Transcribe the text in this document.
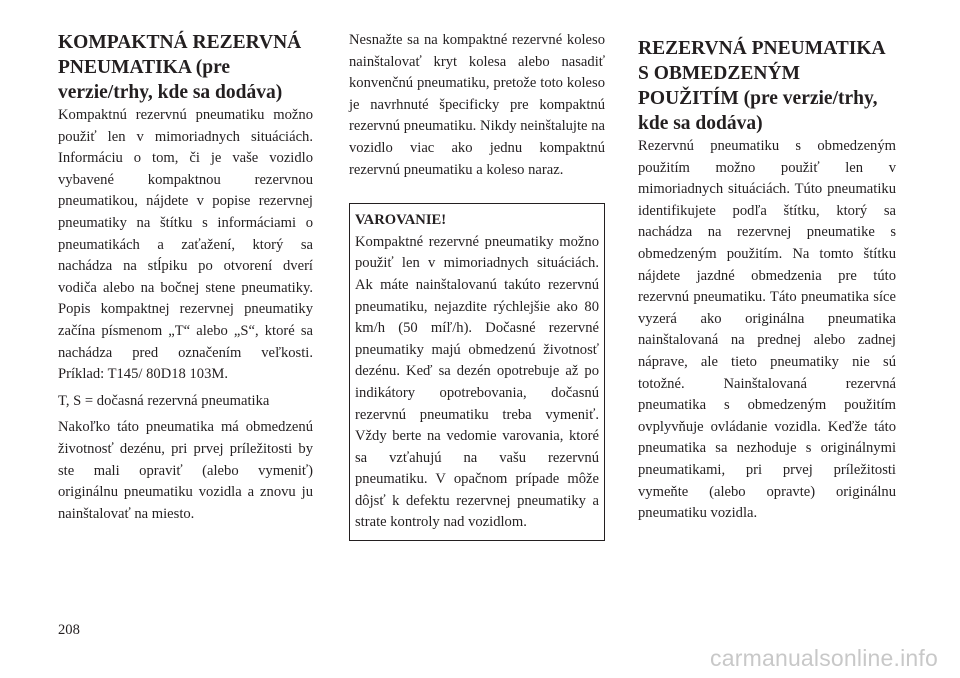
KOMPAKTNÁ REZERVNÁ PNEUMATIKA (pre verzie/trhy, kde sa dodáva)

Kompaktnú rezervnú pneumatiku možno použiť len v mimoriadnych situáciách. Informáciu o tom, či je vaše vozidlo vybavené kompaktnou rezervnou pneumatikou, nájdete v popise rezervnej pneumatiky na štítku s informáciami o pneumatikách a zaťažení, ktorý sa nachádza na stĺpiku po otvorení dverí vodiča alebo na bočnej stene pneumatiky. Popis kompaktnej rezervnej pneumatiky začína písmenom „T“ alebo „S“, ktoré sa nachádza pred označením veľkosti. Príklad: T145/ 80D18 103M.

T, S = dočasná rezervná pneumatika

Nakoľko táto pneumatika má obmedzenú životnosť dezénu, pri prvej príležitosti by ste mali opraviť (alebo vymeniť) originálnu pneumatiku vozidla a znovu ju nainštalovať na miesto.

Nesnažte sa na kompaktné rezervné koleso nainštalovať kryt kolesa alebo nasadiť konvenčnú pneumatiku, pretože toto koleso je navrhnuté špecificky pre kompaktnú rezervnú pneumatiku. Nikdy neinštalujte na vozidlo viac ako jednu kompaktnú rezervnú pneumatiku a koleso naraz.

VAROVANIE!

Kompaktné rezervné pneumatiky možno použiť len v mimoriadnych situáciách. Ak máte nainštalovanú takúto rezervnú pneumatiku, nejazdite rýchlejšie ako 80 km/h (50 míľ/h). Dočasné rezervné pneumatiky majú obmedzenú životnosť dezénu. Keď sa dezén opotrebuje až po indikátory opotrebovania, dočasnú rezervnú pneumatiku treba vymeniť. Vždy berte na vedomie varovania, ktoré sa vzťahujú na vašu rezervnú pneumatiku. V opačnom prípade môže dôjsť k defektu rezervnej pneumatiky a strate kontroly nad vozidlom.

REZERVNÁ PNEUMATIKA S OBMEDZENÝM POUŽITÍM (pre verzie/trhy, kde sa dodáva)

Rezervnú pneumatiku s obmedzeným použitím možno použiť len v mimoriadnych situáciách. Túto pneumatiku identifikujete podľa štítku, ktorý sa nachádza na rezervnej pneumatike s obmedzeným použitím. Na tomto štítku nájdete jazdné obmedzenia pre túto rezervnú pneumatiku. Táto pneumatika síce vyzerá ako originálna pneumatika nainštalovaná na prednej alebo zadnej náprave, ale tieto pneumatiky nie sú totožné. Nainštalovaná rezervná pneumatika s obmedzeným použitím ovplyvňuje ovládanie vozidla. Keďže táto pneumatika sa nezhoduje s originálnymi pneumatikami, pri prvej príležitosti vymeňte (alebo opravte) originálnu pneumatiku vozidla.

208
carmanualsonline.info
